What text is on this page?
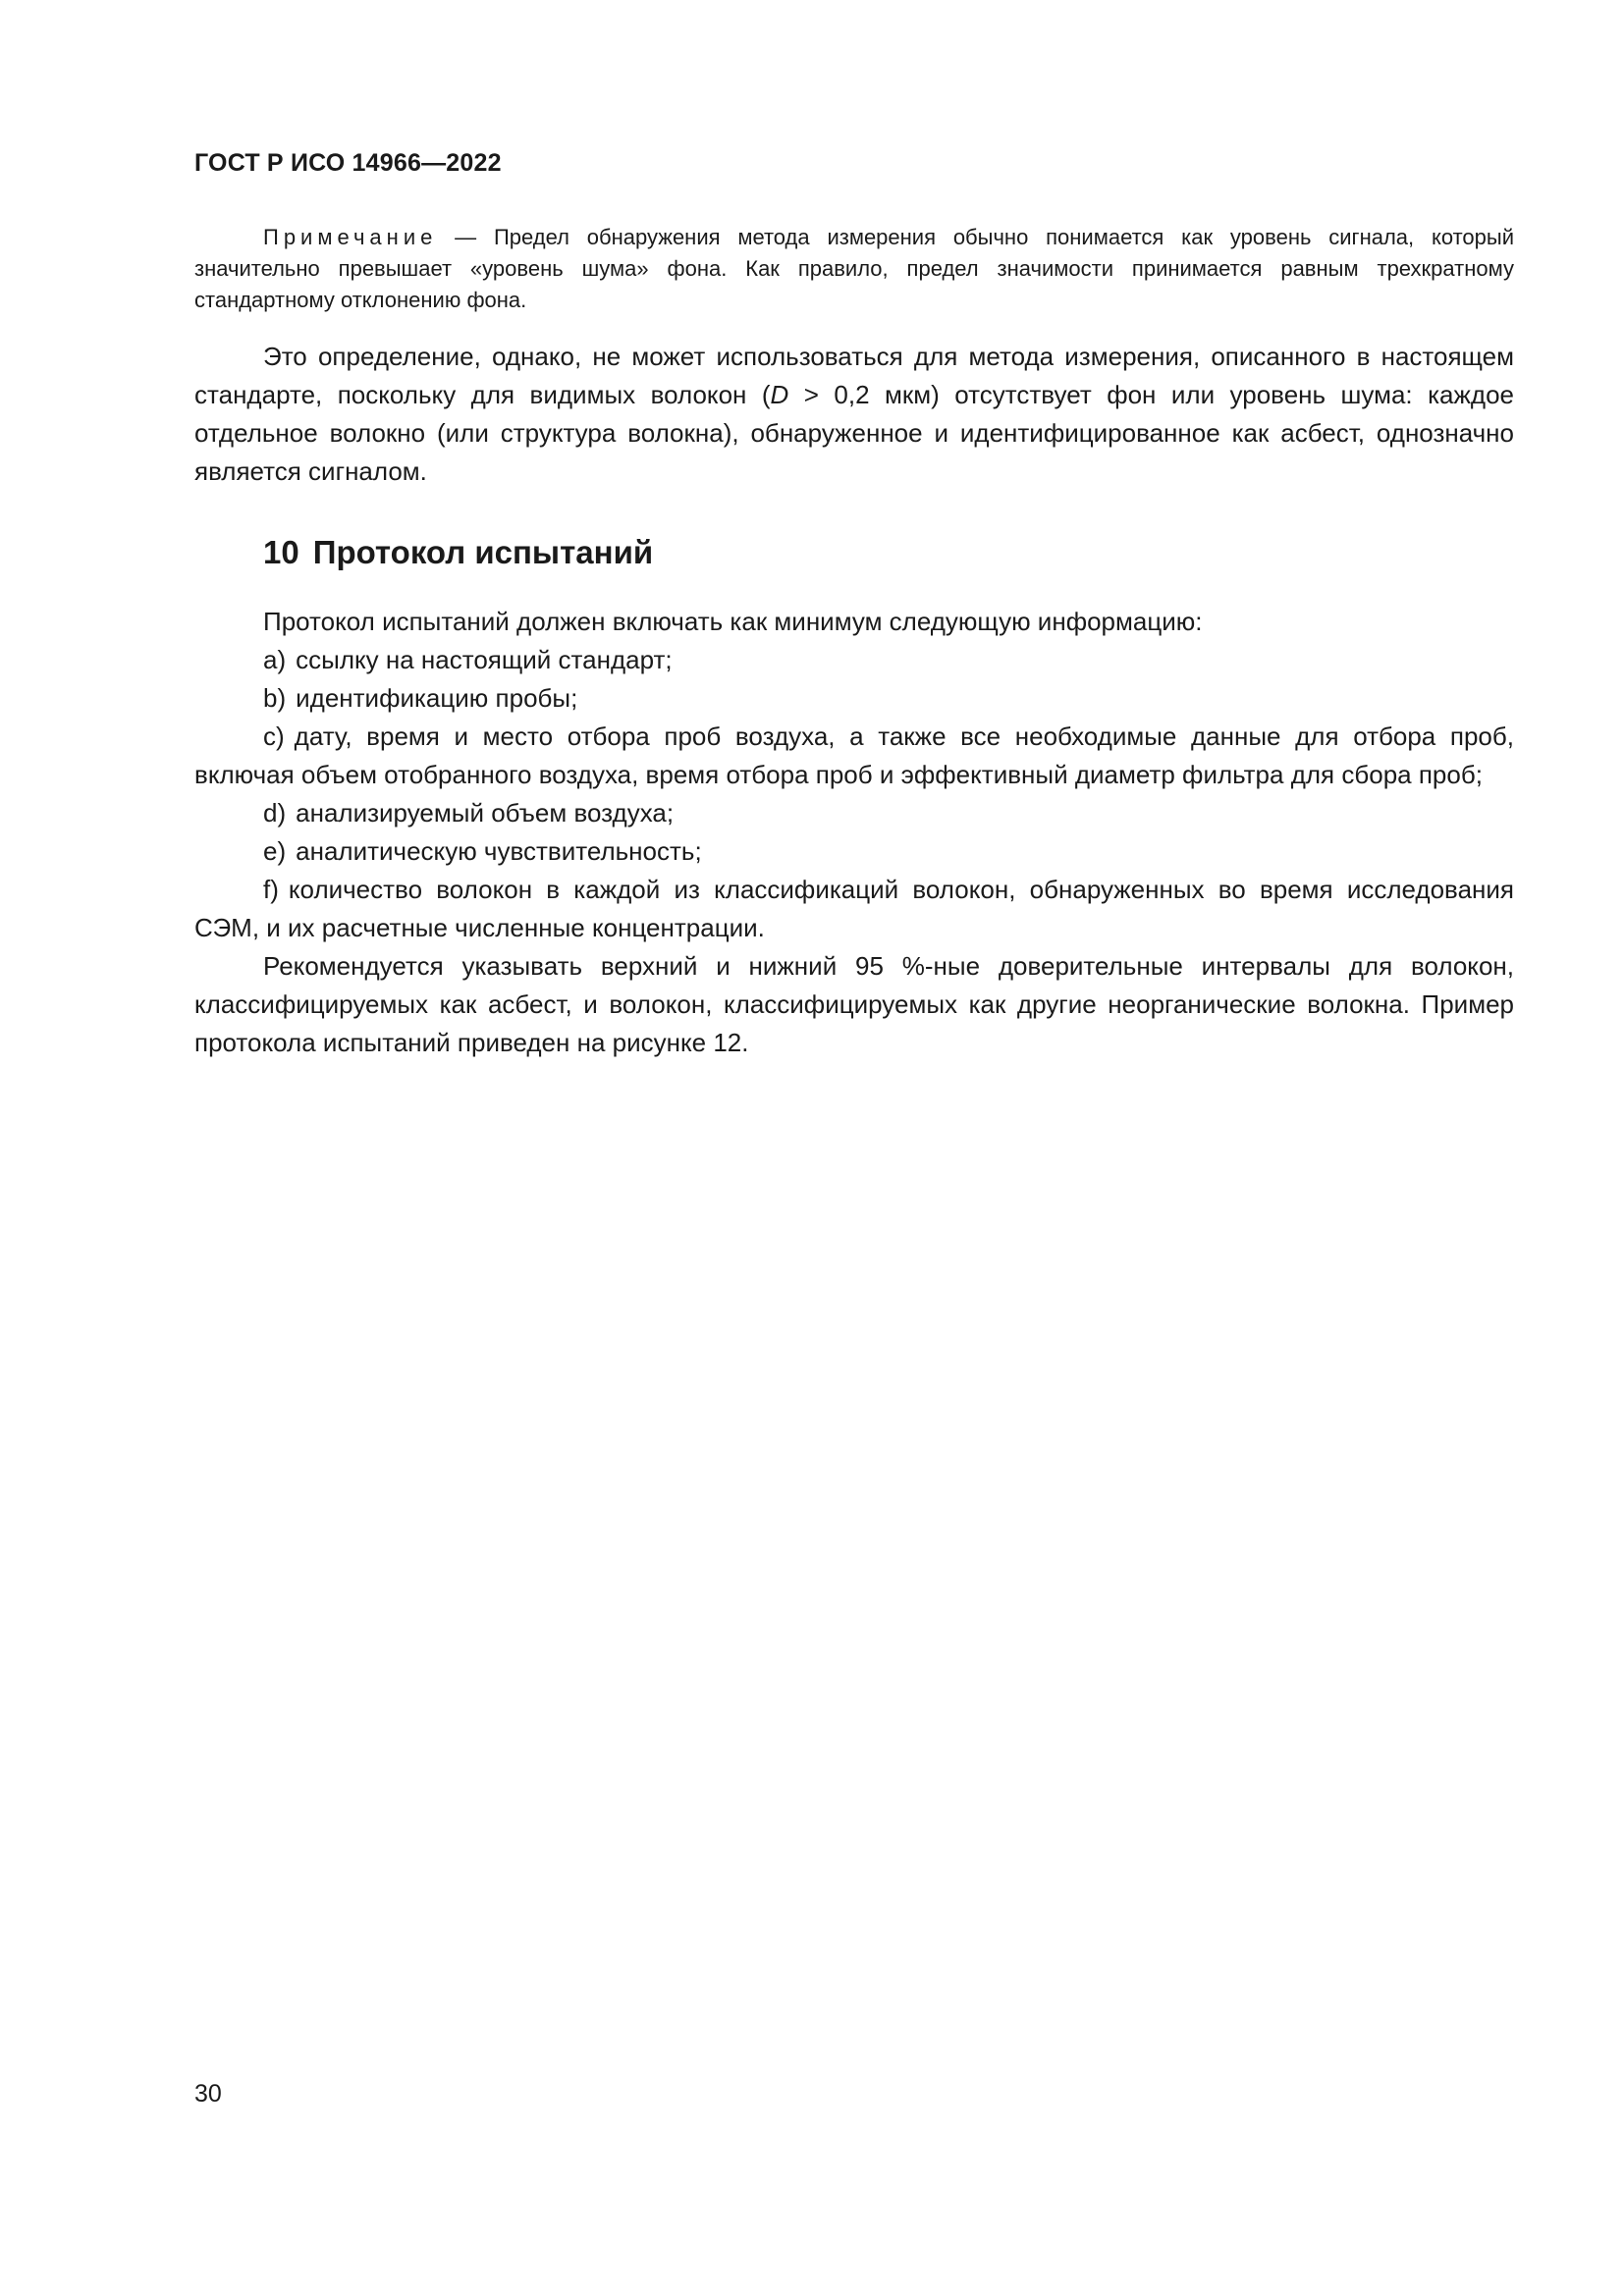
ГОСТ Р ИСО 14966—2022

Примечание — Предел обнаружения метода измерения обычно понимается как уровень сигнала, который значительно превышает «уровень шума» фона. Как правило, предел значимости принимается равным трехкратному стандартному отклонению фона.

Это определение, однако, не может использоваться для метода измерения, описанного в настоящем стандарте, поскольку для видимых волокон (D > 0,2 мкм) отсутствует фон или уровень шума: каждое отдельное волокно (или структура волокна), обнаруженное и идентифицированное как асбест, однозначно является сигналом.

10 Протокол испытаний

Протокол испытаний должен включать как минимум следующую информацию:

a) ссылку на настоящий стандарт;

b) идентификацию пробы;

c) дату, время и место отбора проб воздуха, а также все необходимые данные для отбора проб, включая объем отобранного воздуха, время отбора проб и эффективный диаметр фильтра для сбора проб;

d) анализируемый объем воздуха;

e) аналитическую чувствительность;

f) количество волокон в каждой из классификаций волокон, обнаруженных во время исследования СЭМ, и их расчетные численные концентрации.

Рекомендуется указывать верхний и нижний 95 %-ные доверительные интервалы для волокон, классифицируемых как асбест, и волокон, классифицируемых как другие неорганические волокна. Пример протокола испытаний приведен на рисунке 12.

30
